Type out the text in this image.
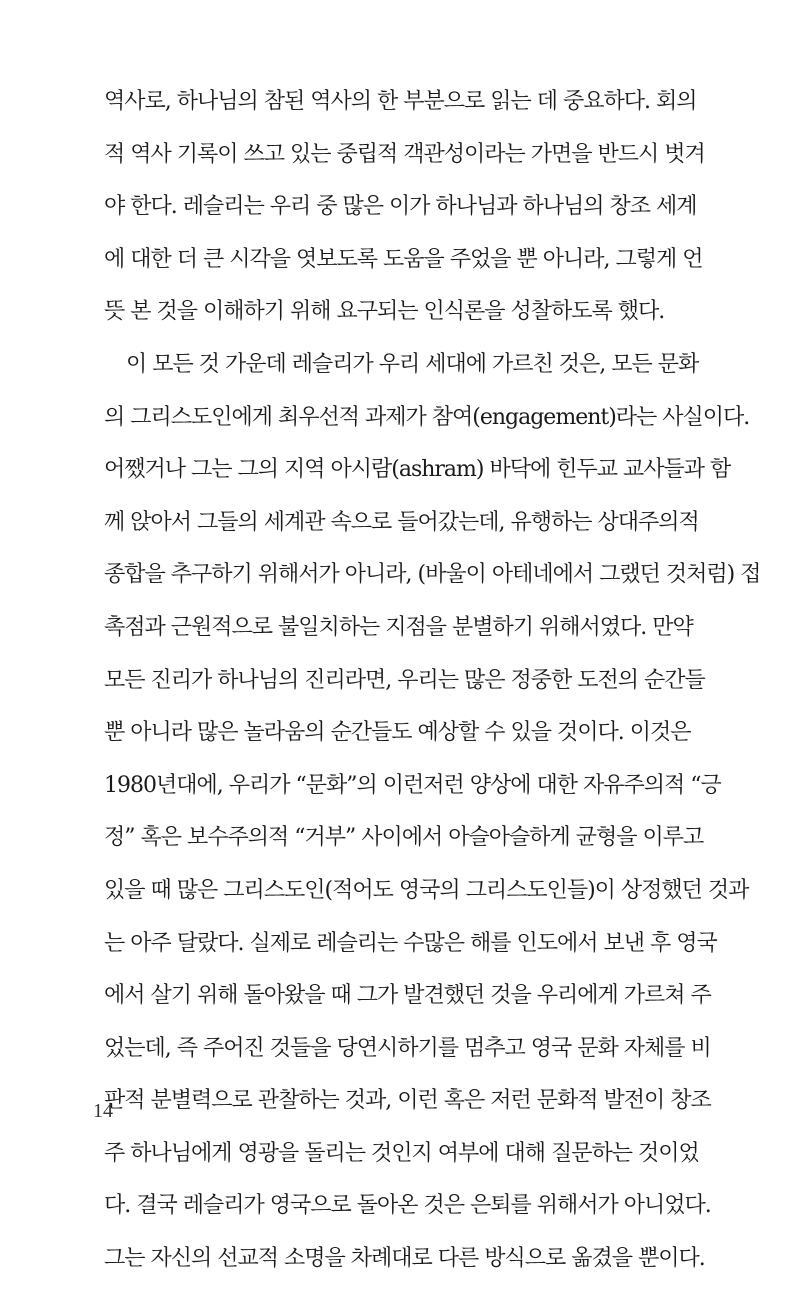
역사로, 하나님의 참된 역사의 한 부분으로 읽는 데 중요하다. 회의
적 역사 기록이 쓰고 있는 중립적 객관성이라는 가면을 반드시 벗겨
야 한다. 레슬리는 우리 중 많은 이가 하나님과 하나님의 창조 세계
에 대한 더 큰 시각을 엿보도록 도움을 주었을 뿐 아니라, 그렇게 언
뜻 본 것을 이해하기 위해 요구되는 인식론을 성찰하도록 했다.
이 모든 것 가운데 레슬리가 우리 세대에 가르친 것은, 모든 문화
의 그리스도인에게 최우선적 과제가 참여(engagement)라는 사실이다.
어쨌거나 그는 그의 지역 아시람(ashram) 바닥에 힌두교 교사들과 함
께 앉아서 그들의 세계관 속으로 들어갔는데, 유행하는 상대주의적
종합을 추구하기 위해서가 아니라, (바울이 아테네에서 그랬던 것처럼) 접
촉점과 근원적으로 불일치하는 지점을 분별하기 위해서였다. 만약
모든 진리가 하나님의 진리라면, 우리는 많은 정중한 도전의 순간들
뿐 아니라 많은 놀라움의 순간들도 예상할 수 있을 것이다. 이것은
1980년대에, 우리가 “문화”의 이런저런 양상에 대한 자유주의적 “긍
정” 혹은 보수주의적 “거부” 사이에서 아슬아슬하게 균형을 이루고
있을 때 많은 그리스도인(적어도 영국의 그리스도인들)이 상정했던 것과
는 아주 달랐다. 실제로 레슬리는 수많은 해를 인도에서 보낸 후 영국
에서 살기 위해 돌아왔을 때 그가 발견했던 것을 우리에게 가르쳐 주
었는데, 즉 주어진 것들을 당연시하기를 멈추고 영국 문화 자체를 비
판적 분별력으로 관찰하는 것과, 이런 혹은 저런 문화적 발전이 창조
주 하나님에게 영광을 돌리는 것인지 여부에 대해 질문하는 것이었
다. 결국 레슬리가 영국으로 돌아온 것은 은퇴를 위해서가 아니었다.
그는 자신의 선교적 소명을 차례대로 다른 방식으로 옮겼을 뿐이다.
14
